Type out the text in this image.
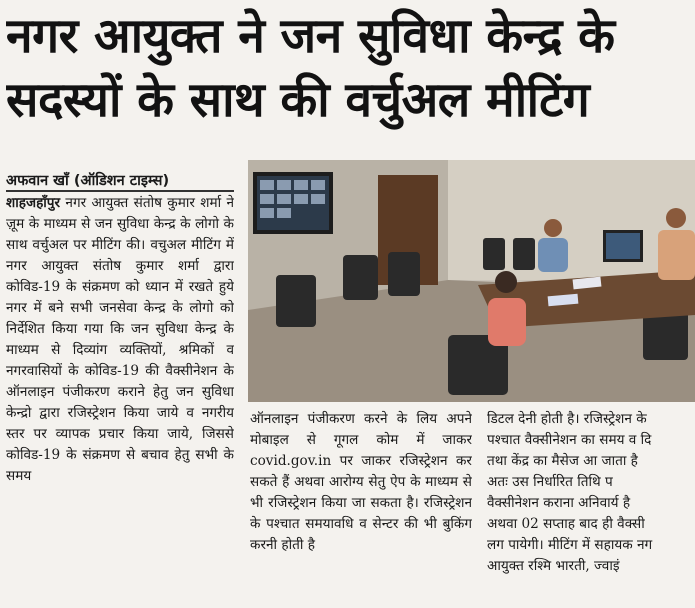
नगर आयुक्त ने जन सुविधा केन्द्र के
सदस्यों के साथ की वर्चुअल मीटिंग
अफवान खाँ (ऑडिशन टाइम्स)
शाहजहाँपुर नगर आयुक्त संतोष कुमार शर्मा ने ज़ूम के माध्यम से जन सुविधा केन्द्र के लोगो के साथ वर्चुअल पर मीटिंग की। वचुअल मीटिंग में नगर आयुक्त संतोष कुमार शर्मा द्वारा कोविड-19 के संक्रमण को ध्यान में रखते हुये नगर में बने सभी जनसेवा केन्द्र के लोगो को निर्देशित किया गया कि जन सुविधा केन्द्र के माध्यम से दिव्यांग व्यक्तियों, श्रमिकों व नगरवासियों के कोविड-19 की वैक्सीनेशन के ऑनलाइन पंजीकरण कराने हेतु जन सुविधा केन्द्रो द्वारा रजिस्ट्रेशन किया जाये व नगरीय स्तर पर व्यापक प्रचार किया जाये, जिससे कोविड-19 के संक्रमण से बचाव हेतु सभी के समय
ऑनलाइन पंजीकरण करने के लिय अपने मोबाइल से गूगल कोम में जाकर covid.gov.in पर जाकर रजिस्ट्रेशन कर सकते हैं अथवा आरोग्य सेतु ऐप के माध्यम से भी रजिस्ट्रेशन किया जा सकता है। रजिस्ट्रेशन के पश्चात समयावधि व सेन्टर की भी बुकिंग करनी होती है
डिटल देनी होती है। रजिस्ट्रेशन के
पश्चात वैक्सीनेशन का समय व दि
तथा केंद्र का मैसेज आ जाता है
अतः उस निर्धारित तिथि प
वैक्सीनेशन कराना अनिवार्य है
अथवा 02 सप्ताह बाद ही वैक्सी
लग पायेगी। मीटिंग में सहायक नग
आयुक्त रश्मि भारती, ज्वाइं
